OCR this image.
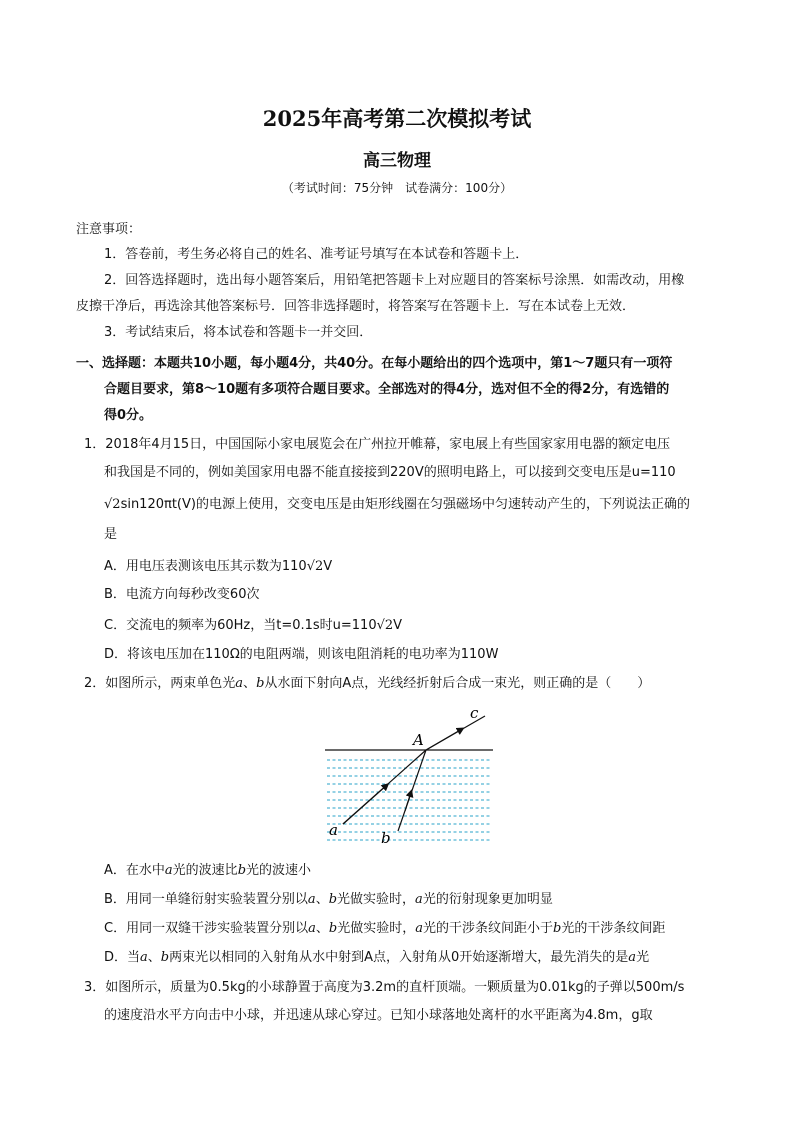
2025年高考第二次模拟考试
高三物理
（考试时间：75分钟　试卷满分：100分）
注意事项：
1．答卷前，考生务必将自己的姓名、准考证号填写在本试卷和答题卡上．
2．回答选择题时，选出每小题答案后，用铅笔把答题卡上对应题目的答案标号涂黑．如需改动，用橡
皮擦干净后，再选涂其他答案标号．回答非选择题时，将答案写在答题卡上．写在本试卷上无效．
3．考试结束后，将本试卷和答题卡一并交回．
一、选择题：本题共10小题，每小题4分，共40分。在每小题给出的四个选项中，第1～7题只有一项符
合题目要求，第8～10题有多项符合题目要求。全部选对的得4分，选对但不全的得2分，有选错的
得0分。
1．2018年4月15日，中国国际小家电展览会在广州拉开帷幕，家电展上有些国家家用电器的额定电压
和我国是不同的，例如美国家用电器不能直接接到220V的照明电路上，可以接到交变电压是u=110
√2sin120πt(V)的电源上使用，交变电压是由矩形线圈在匀强磁场中匀速转动产生的，下列说法正确的
是
A．用电压表测该电压其示数为110√2V
B．电流方向每秒改变60次
C．交流电的频率为60Hz，当t=0.1s时u=110√2V
D．将该电压加在110Ω的电阻两端，则该电阻消耗的电功率为110W
2．如图所示，两束单色光a、b从水面下射向A点，光线经折射后合成一束光，则正确的是（　　）
A
c
a	b
A．在水中a光的波速比b光的波速小
B．用同一单缝衍射实验装置分别以a、b光做实验时，a光的衍射现象更加明显
C．用同一双缝干涉实验装置分别以a、b光做实验时，a光的干涉条纹间距小于b光的干涉条纹间距
D．当a、b两束光以相同的入射角从水中射到A点，入射角从0开始逐渐增大，最先消失的是a光
3．如图所示，质量为0.5kg的小球静置于高度为3.2m的直杆顶端。一颗质量为0.01kg的子弹以500m/s
的速度沿水平方向击中小球，并迅速从球心穿过。已知小球落地处离杆的水平距离为4.8m，g取
